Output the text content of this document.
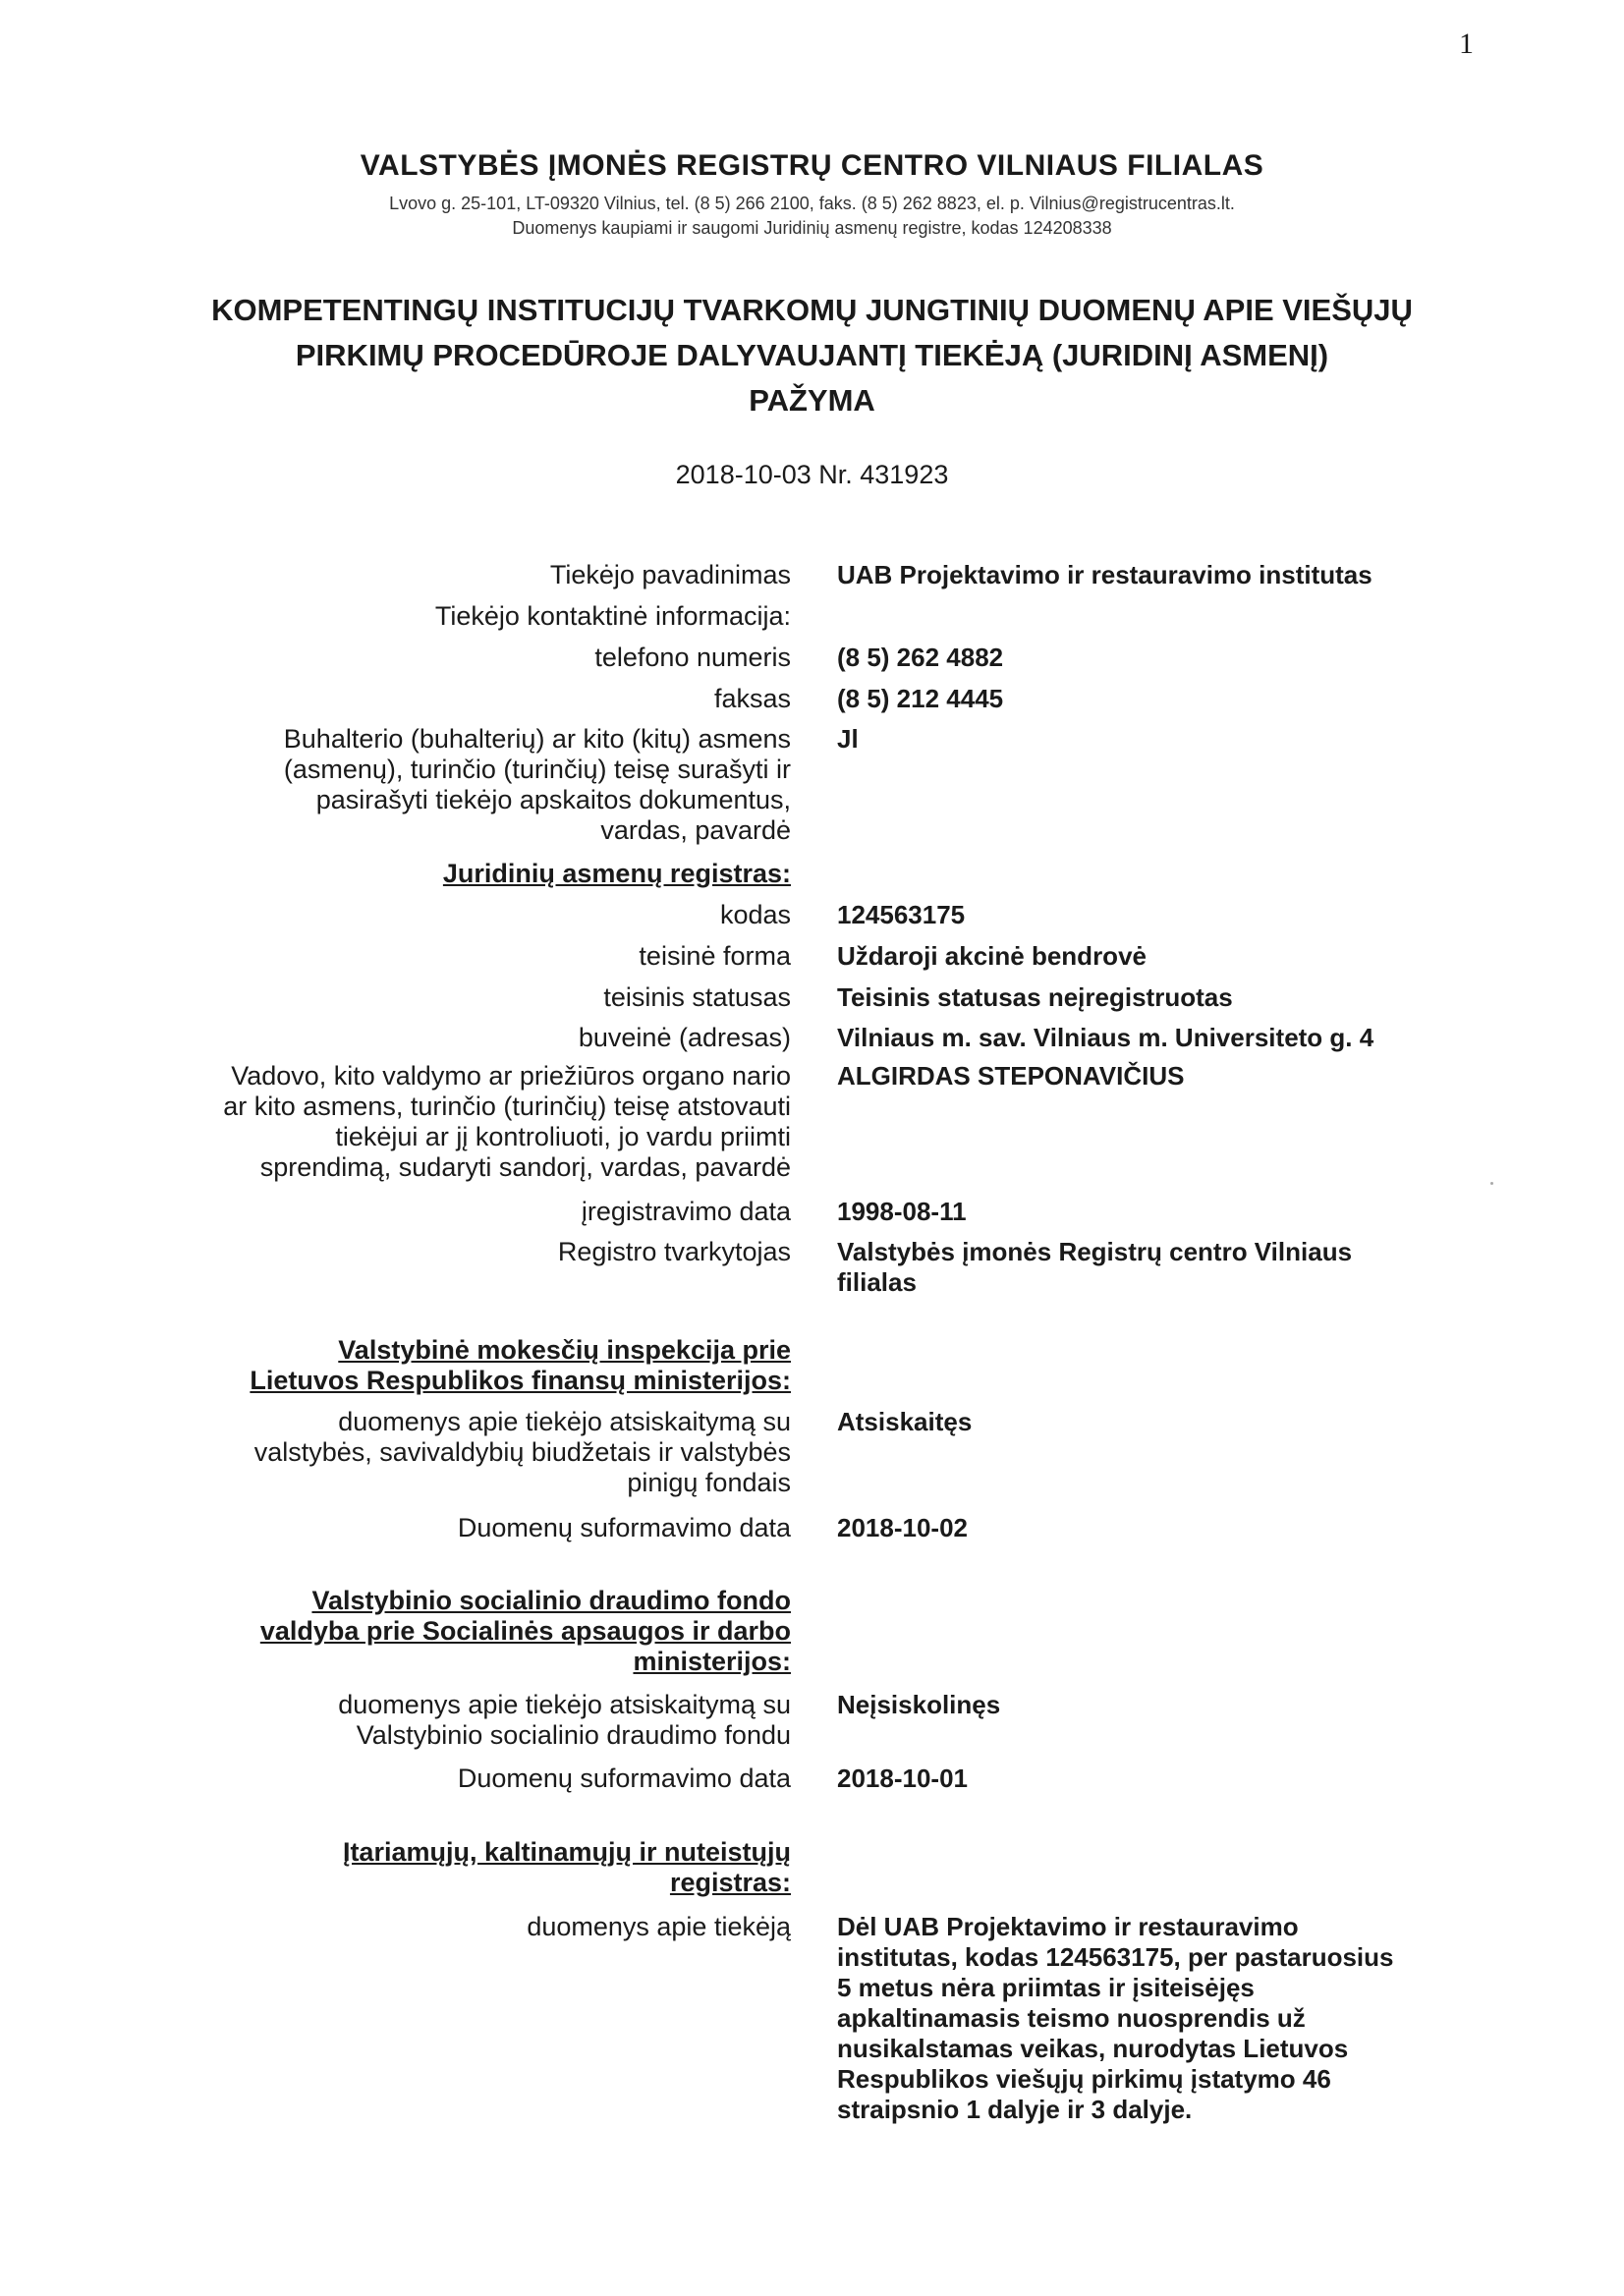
1
VALSTYBĖS ĮMONĖS REGISTRŲ CENTRO VILNIAUS FILIALAS
Lvovo g. 25-101, LT-09320 Vilnius, tel. (8 5) 266 2100, faks. (8 5) 262 8823, el. p. Vilnius@registrucentras.lt.
Duomenys kaupiami ir saugomi Juridinių asmenų registre, kodas 124208338
KOMPETENTINGŲ INSTITUCIJŲ TVARKOMŲ JUNGTINIŲ DUOMENŲ APIE VIEŠŲJŲ
PIRKIMŲ PROCEDŪROJE DALYVAUJANTĮ TIEKĖJĄ (JURIDINĮ ASMENĮ)
PAŽYMA
2018-10-03 Nr. 431923
Tiekėjo pavadinimas UAB Projektavimo ir restauravimo institutas
Tiekėjo kontaktinė informacija:
telefono numeris (8 5) 262 4882
faksas (8 5) 212 4445
Buhalterio (buhalterių) ar kito (kitų) asmens
(asmenų), turinčio (turinčių) teisę surašyti ir
pasirašyti tiekėjo apskaitos dokumentus,
vardas, pavardė
Jl
Juridinių asmenų registras:
kodas 124563175
teisinė forma Uždaroji akcinė bendrovė
teisinis statusas Teisinis statusas neįregistruotas
buveinė (adresas) Vilniaus m. sav. Vilniaus m. Universiteto g. 4
Vadovo, kito valdymo ar priežiūros organo nario
ar kito asmens, turinčio (turinčių) teisę atstovauti
tiekėjui ar jį kontroliuoti, jo vardu priimti
sprendimą, sudaryti sandorį, vardas, pavardė
ALGIRDAS STEPONAVIČIUS
įregistravimo data 1998-08-11
Registro tvarkytojas Valstybės įmonės Registrų centro Vilniaus
filialas
Valstybinė mokesčių inspekcija prie
Lietuvos Respublikos finansų ministerijos:
duomenys apie tiekėjo atsiskaitymą su
valstybės, savivaldybių biudžetais ir valstybės
pinigų fondais
Atsiskaitęs
Duomenų suformavimo data 2018-10-02
Valstybinio socialinio draudimo fondo
valdyba prie Socialinės apsaugos ir darbo
ministerijos:
duomenys apie tiekėjo atsiskaitymą su
Valstybinio socialinio draudimo fondu
Neįsiskolinęs
Duomenų suformavimo data 2018-10-01
Įtariamųjų, kaltinamųjų ir nuteistųjų
registras:
duomenys apie tiekėją Dėl UAB Projektavimo ir restauravimo
institutas, kodas 124563175, per pastaruosius
5 metus nėra priimtas ir įsiteisėjęs
apkaltinamasis teismo nuosprendis už
nusikalstamas veikas, nurodytas Lietuvos
Respublikos viešųjų pirkimų įstatymo 46
straipsnio 1 dalyje ir 3 dalyje.
